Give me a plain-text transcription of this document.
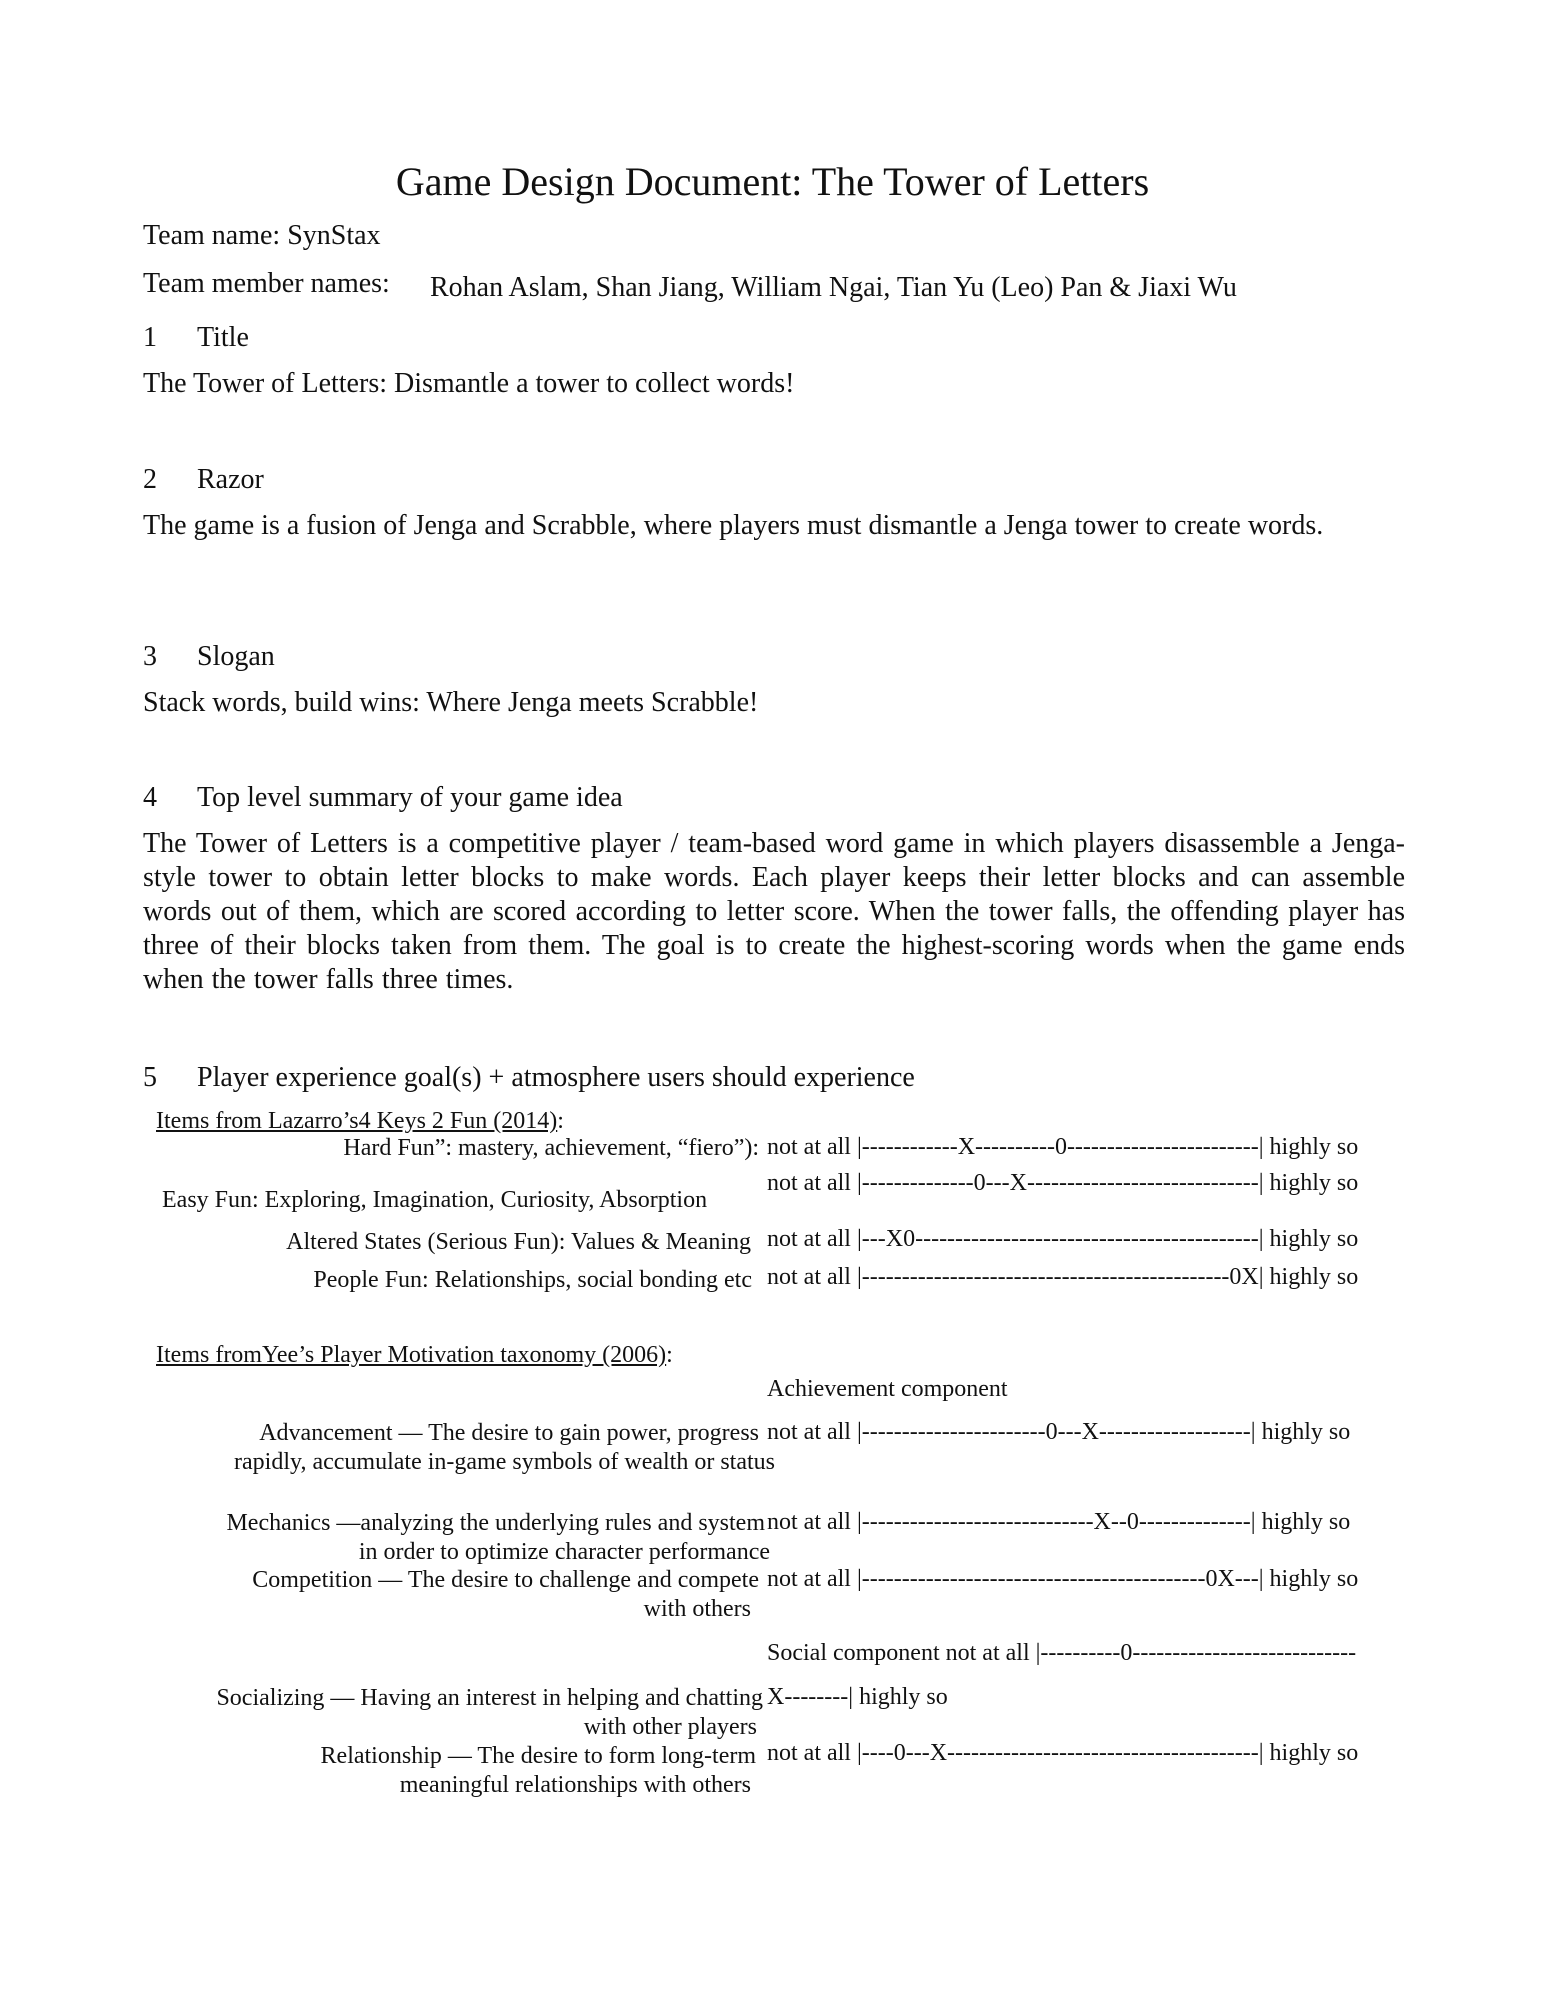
Game Design Document: The Tower of Letters
Team name: SynStax
Team member names: Rohan Aslam, Shan Jiang, William Ngai, Tian Yu (Leo) Pan & Jiaxi Wu
1 Title
The Tower of Letters: Dismantle a tower to collect words!
2 Razor
The game is a fusion of Jenga and Scrabble, where players must dismantle a Jenga tower to create words.
3 Slogan
Stack words, build wins: Where Jenga meets Scrabble!
4 Top level summary of your game idea
The Tower of Letters is a competitive player / team-based word game in which players disassemble a Jenga-style tower to obtain letter blocks to make words. Each player keeps their letter blocks and can assemble words out of them, which are scored according to letter score. When the tower falls, the offending player has three of their blocks taken from them. The goal is to create the highest-scoring words when the game ends when the tower falls three times.
5 Player experience goal(s) + atmosphere users should experience
Items from Lazarro’s4 Keys 2 Fun (2014):
Hard Fun”: mastery, achievement, “fiero”): not at all |------------X----------0------------------------| highly so
Easy Fun: Exploring, Imagination, Curiosity, Absorption
not at all |--------------0---X-----------------------------| highly so
Altered States (Serious Fun): Values & Meaning not at all |---X0-------------------------------------------| highly so
People Fun: Relationships, social bonding etc not at all |----------------------------------------------0X| highly so
Items fromYee’s Player Motivation taxonomy (2006):
Achievement component
Advancement — The desire to gain power, progress
rapidly, accumulate in-game symbols of wealth or status
not at all |-----------------------0---X-------------------| highly so
Mechanics —analyzing the underlying rules and system
in order to optimize character performance
not at all |-----------------------------X--0--------------| highly so
Competition — The desire to challenge and compete
with others
not at all |-------------------------------------------0X---| highly so
Social component not at all |----------0----------------------------
Socializing — Having an interest in helping and chatting
with other players
X--------| highly so
Relationship — The desire to form long-term
meaningful relationships with others
not at all |----0---X---------------------------------------| highly so
